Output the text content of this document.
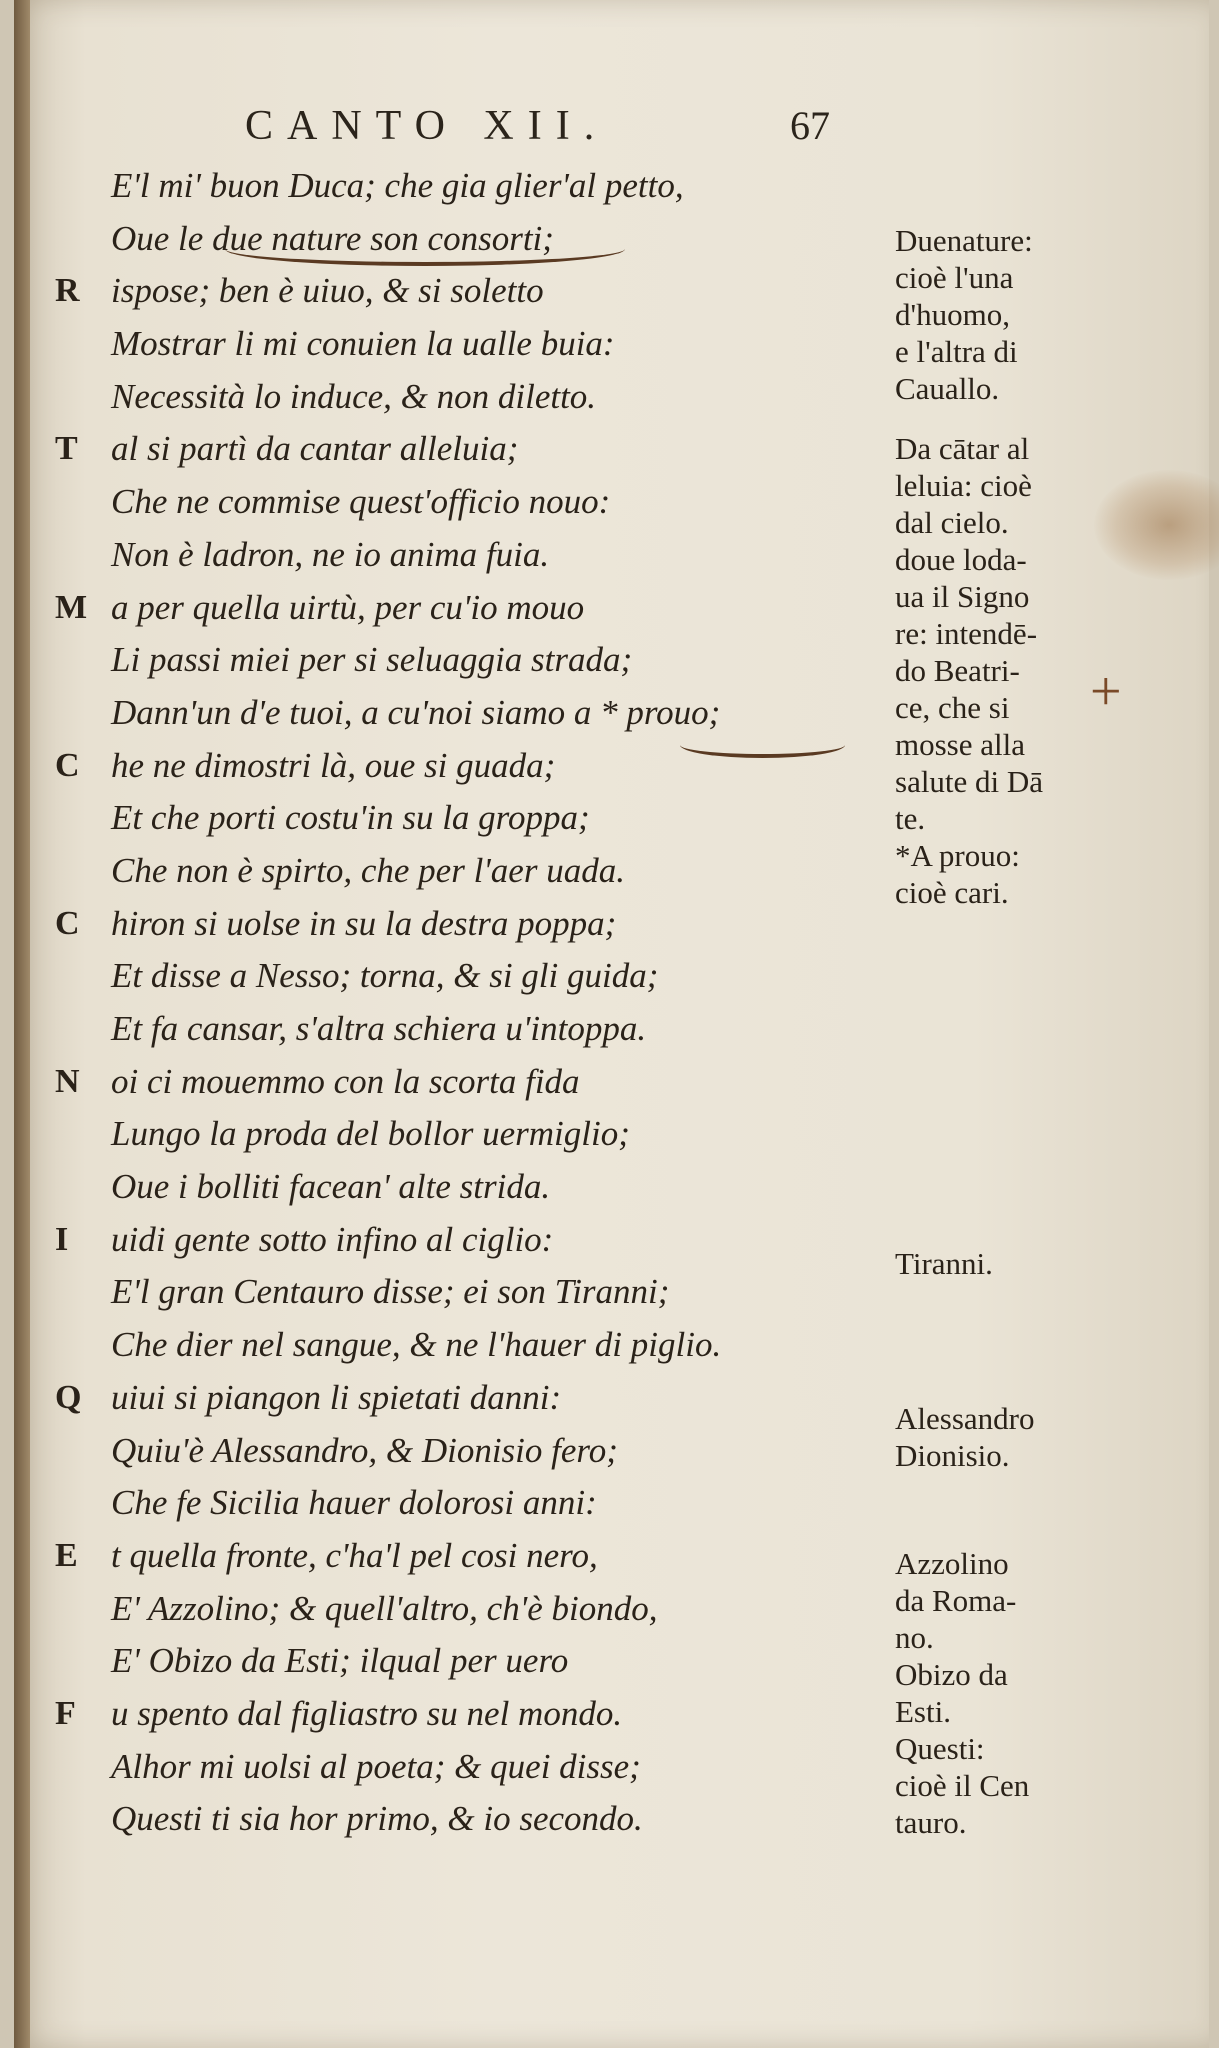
CANTO XII.	67
E'l mi' buon Duca; che gia glier'al petto,
Oue le due nature son consorti;
R ispose; ben è uiuo, & si soletto
Mostrar li mi conuien la ualle buia:
Necessità lo induce, & non diletto.
T al si partì da cantar alleluia;
Che ne commise quest'officio nouo:
Non è ladron, ne io anima fuia.
M a per quella uirtù, per cu'io mouo
Li passi miei per si seluaggia strada;
Dann'un d'e tuoi, a cu'noi siamo a * prouo;
C he ne dimostri là, oue si guada;
Et che porti costu'in su la groppa;
Che non è spirto, che per l'aer uada.
C hiron si uolse in su la destra poppa;
Et disse a Nesso; torna, & si gli guida;
Et fa cansar, s'altra schiera u'intoppa.
N oi ci mouemmo con la scorta fida
Lungo la proda del bollor uermiglio;
Oue i bolliti facean' alte strida.
I	uidi gente sotto infino al ciglio:
E'l gran Centauro disse; ei son Tiranni;
Che dier nel sangue, & ne l'hauer di piglio.
Q uiui si piangon li spietati danni:
Quiu'è Alessandro, & Dionisio fero;
Che fe Sicilia hauer dolorosi anni:
E t quella fronte, c'ha'l pel cosi nero,
E' Azzolino; & quell'altro, ch'è biondo,
E' Obizo da Esti; ilqual per uero
F	u spento dal figliastro su nel mondo.
Alhor mi uolsi al poeta; & quei disse;
Questi ti sia hor primo, & io secondo.
Duenature:
cioè l'una
d'huomo,
e l'altra di
Cauallo.
Da cātar al
leluia: cioè
dal cielo.
doue loda-
ua il Signo
re: intendē-
do Beatri-
ce, che si
mosse alla
salute di Dā
te.
*A prouo:
cioè cari.
Tiranni.
Alessandro
Dionisio.
Azzolino
da Roma-
no.
Obizo da
Esti.
Questi:
cioè il Cen
tauro.
+
